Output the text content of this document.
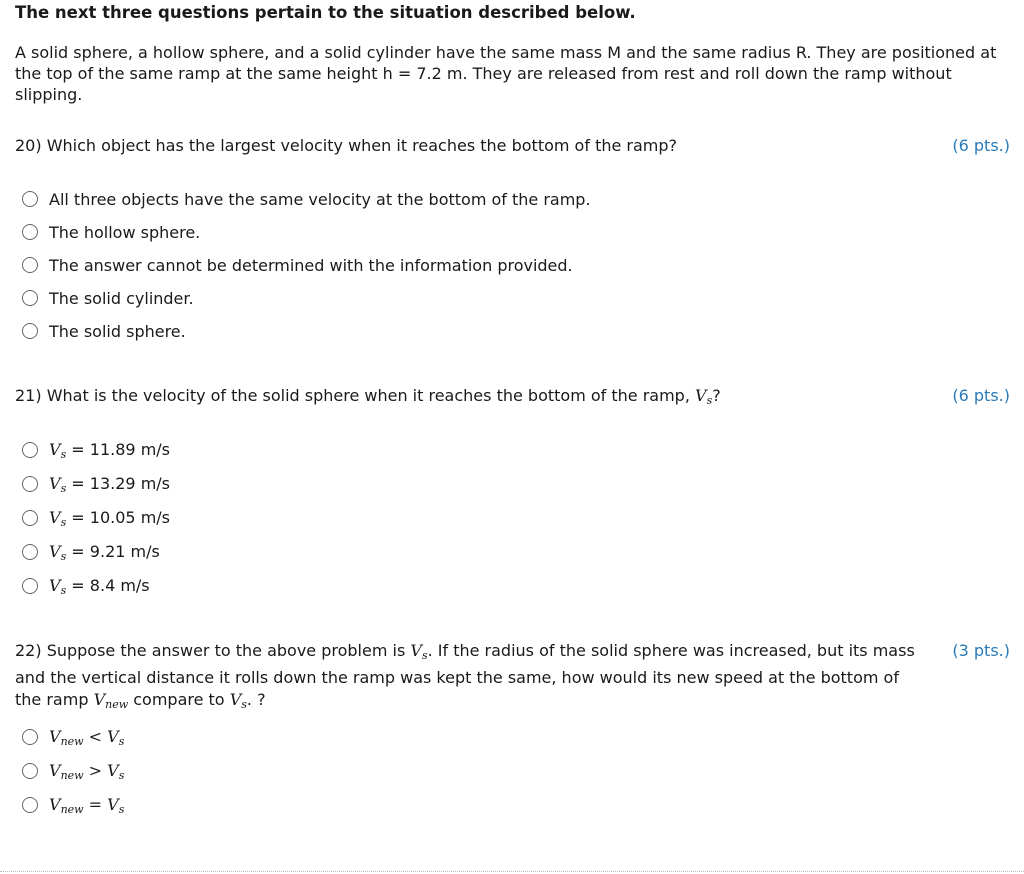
The next three questions pertain to the situation described below.
A solid sphere, a hollow sphere, and a solid cylinder have the same mass M and the same radius R. They are positioned at the top of the same ramp at the same height h = 7.2 m. They are released from rest and roll down the ramp without slipping.
20) Which object has the largest velocity when it reaches the bottom of the ramp?	(6 pts.)
All three objects have the same velocity at the bottom of the ramp.
The hollow sphere.
The answer cannot be determined with the information provided.
The solid cylinder.
The solid sphere.
21) What is the velocity of the solid sphere when it reaches the bottom of the ramp, $V_s$?	(6 pts.)
$V_s = 11.89$ m/s
$V_s = 13.29$ m/s
$V_s = 10.05$ m/s
$V_s = 9.21$ m/s
$V_s = 8.4$ m/s
22) Suppose the answer to the above problem is $V_s$. If the radius of the solid sphere was increased, but its mass and the vertical distance it rolls down the ramp was kept the same, how would its new speed at the bottom of the ramp $V_{new}$ compare to $V_s$. ?
(3 pts.)
$V_{new} < V_s$
$V_{new} > V_s$
$V_{new} = V_s$
